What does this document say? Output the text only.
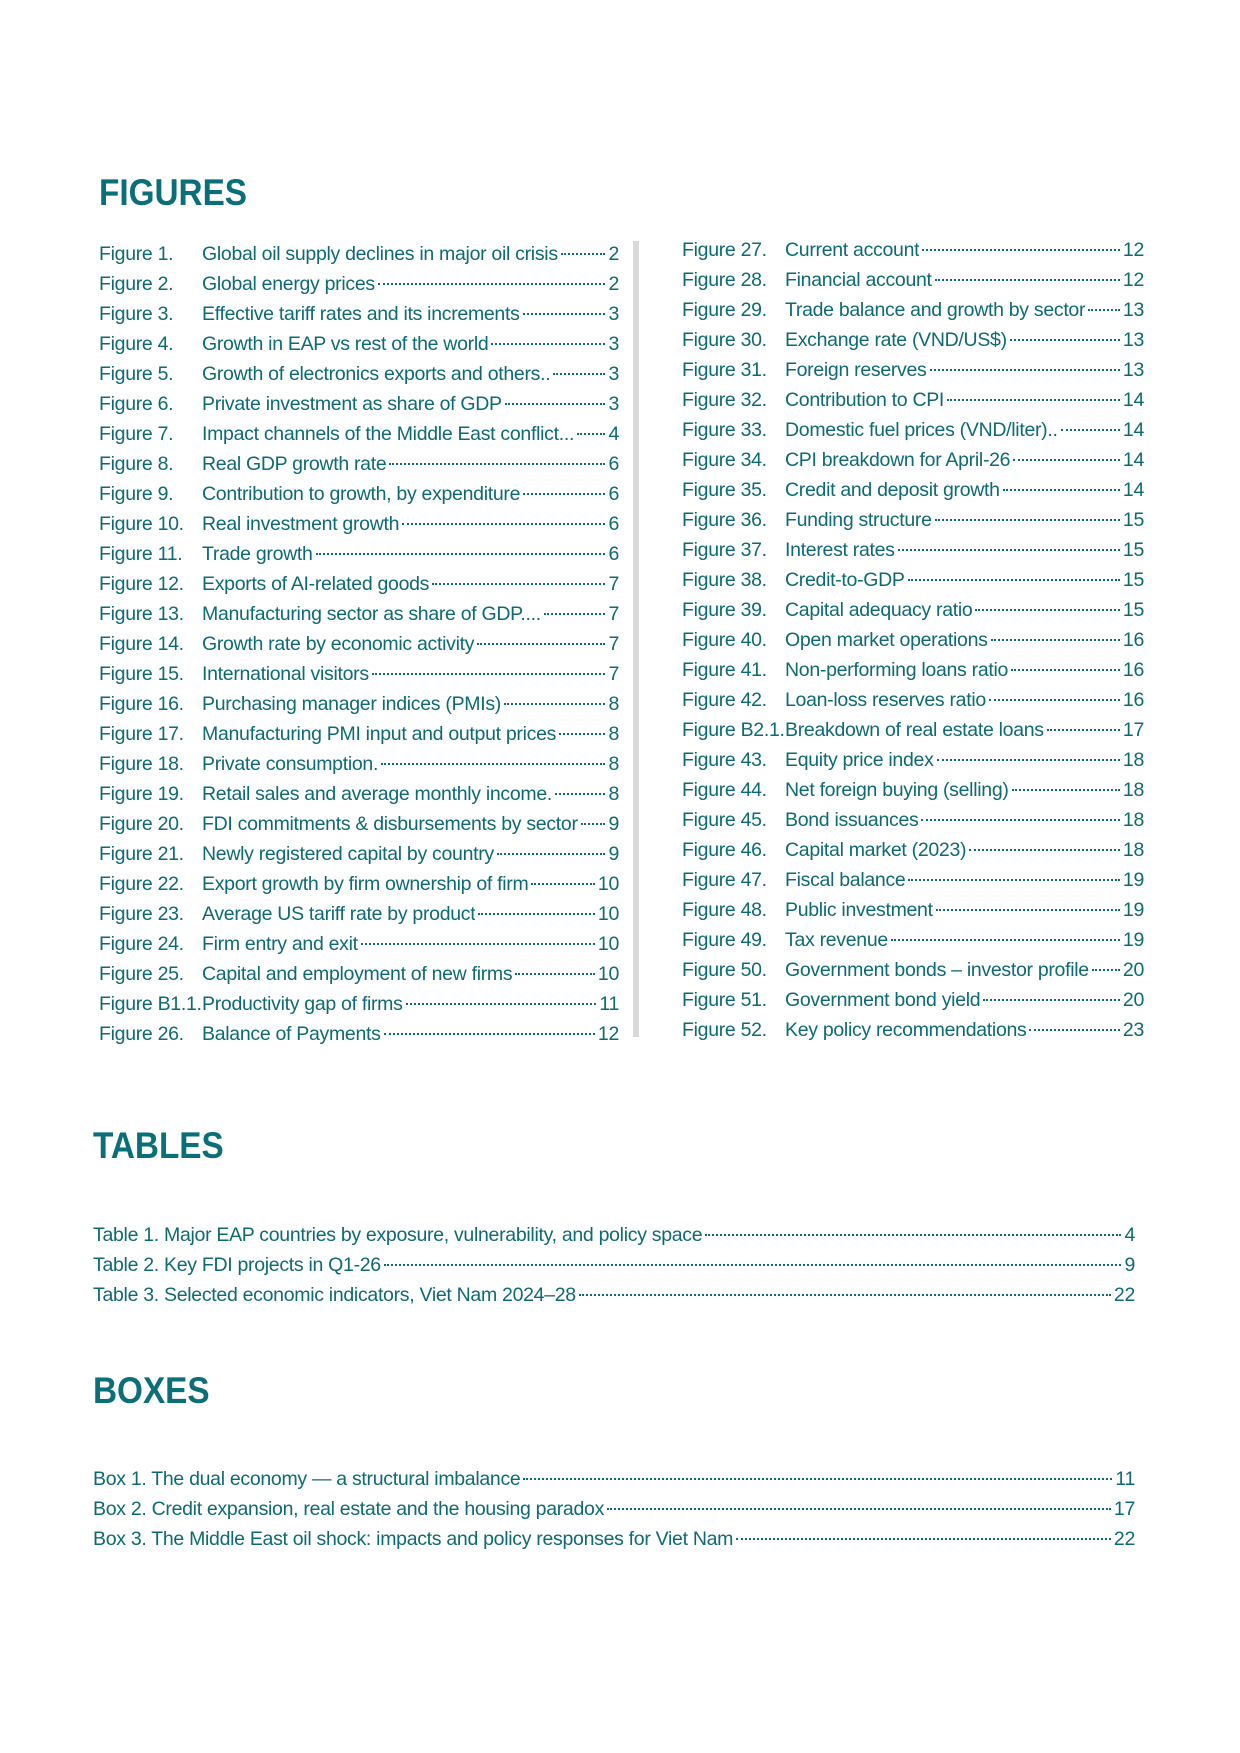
FIGURES
Figure 1.	Global oil supply declines in major oil crisis	2
Figure 2.	Global energy prices	2
Figure 3.	Effective tariff rates and its increments	3
Figure 4.	Growth in EAP vs rest of the world	3
Figure 5.	Growth of electronics exports and others..	3
Figure 6.	Private investment as share of GDP	3
Figure 7.	Impact channels of the Middle East conflict... 4
Figure 8.	Real GDP growth rate	6
Figure 9.	Contribution to growth, by expenditure	6
Figure 10. Real investment growth	6
Figure 11.	Trade growth	6
Figure 12. Exports of AI-related goods	7
Figure 13. Manufacturing sector as share of GDP....	7
Figure 14. Growth rate by economic activity	7
Figure 15. International visitors	7
Figure 16. Purchasing manager indices (PMIs)	8
Figure 17. Manufacturing PMI input and output prices	8
Figure 18. Private consumption.	8
Figure 19. Retail sales and average monthly income.	8
Figure 20. FDI commitments & disbursements by sector 9
Figure 21. Newly registered capital by country	9
Figure 22. Export growth by firm ownership of firm	10
Figure 23. Average US tariff rate by product	10
Figure 24. Firm entry and exit	10
Figure 25. Capital and employment of new firms	10
Figure B1.1. Productivity gap of firms	11
Figure 26. Balance of Payments	12
Figure 27. Current account	12
Figure 28. Financial account	12
Figure 29. Trade balance and growth by sector 13
Figure 30. Exchange rate (VND/US$)	13
Figure 31. Foreign reserves	13
Figure 32. Contribution to CPI	14
Figure 33. Domestic fuel prices (VND/liter)..	14
Figure 34. CPI breakdown for April-26	14
Figure 35. Credit and deposit growth	14
Figure 36. Funding structure	15
Figure 37. Interest rates	15
Figure 38. Credit-to-GDP	15
Figure 39. Capital adequacy ratio	15
Figure 40. Open market operations	16
Figure 41. Non-performing loans ratio	16
Figure 42. Loan-loss reserves ratio	16
Figure B2.1. Breakdown of real estate loans	17
Figure 43. Equity price index	18
Figure 44. Net foreign buying (selling)	18
Figure 45. Bond issuances	18
Figure 46. Capital market (2023)	18
Figure 47. Fiscal balance	19
Figure 48. Public investment	19
Figure 49. Tax revenue	19
Figure 50. Government bonds – investor profile 20
Figure 51. Government bond yield	20
Figure 52. Key policy recommendations	23
TABLES
Table 1. Major EAP countries by exposure, vulnerability, and policy space	4
Table 2. Key FDI projects in Q1-26	9
Table 3. Selected economic indicators, Viet Nam 2024–28	22
BOXES
Box 1. The dual economy — a structural imbalance	11
Box 2. Credit expansion, real estate and the housing paradox	17
Box 3. The Middle East oil shock: impacts and policy responses for Viet Nam	22
